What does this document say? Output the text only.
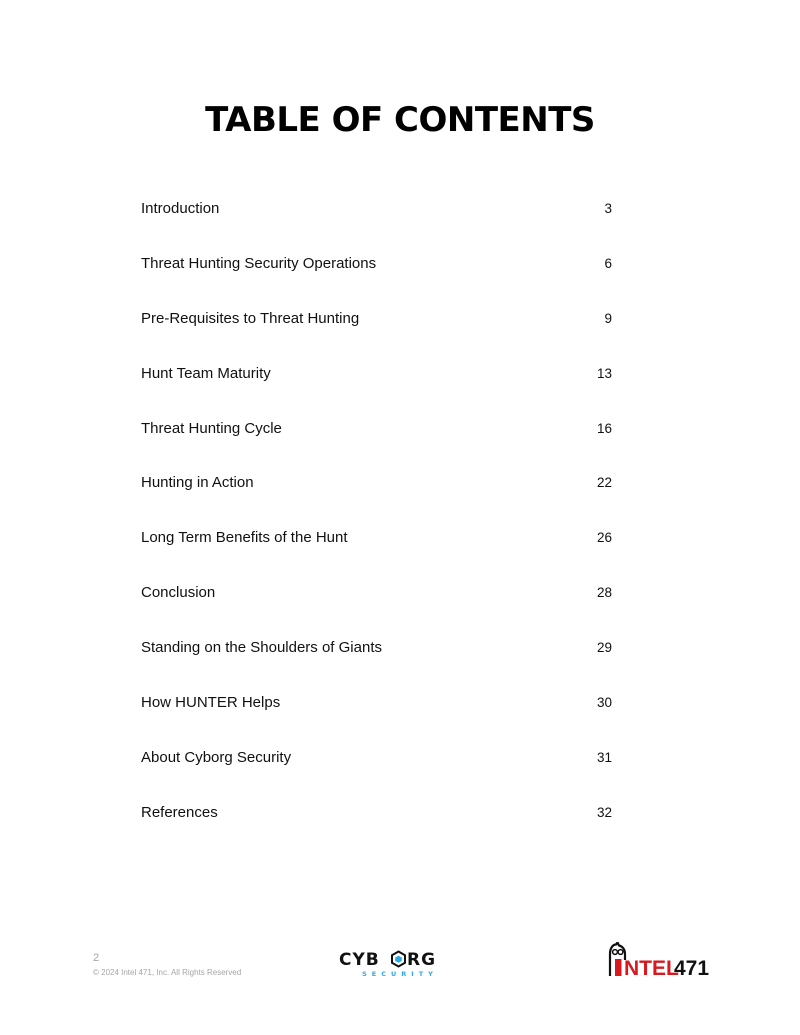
TABLE OF CONTENTS
Introduction	3
Threat Hunting Security Operations	6
Pre-Requisites to Threat Hunting	9
Hunt Team Maturity	13
Threat Hunting Cycle	16
Hunting in Action	22
Long Term Benefits of the Hunt	26
Conclusion	28
Standing on the Shoulders of Giants	29
How HUNTER Helps	30
About Cyborg Security	31
References	32
2
© 2024 Intel 471, Inc. All Rights Reserved
CYB RG
SECURITY	NTEL
471
